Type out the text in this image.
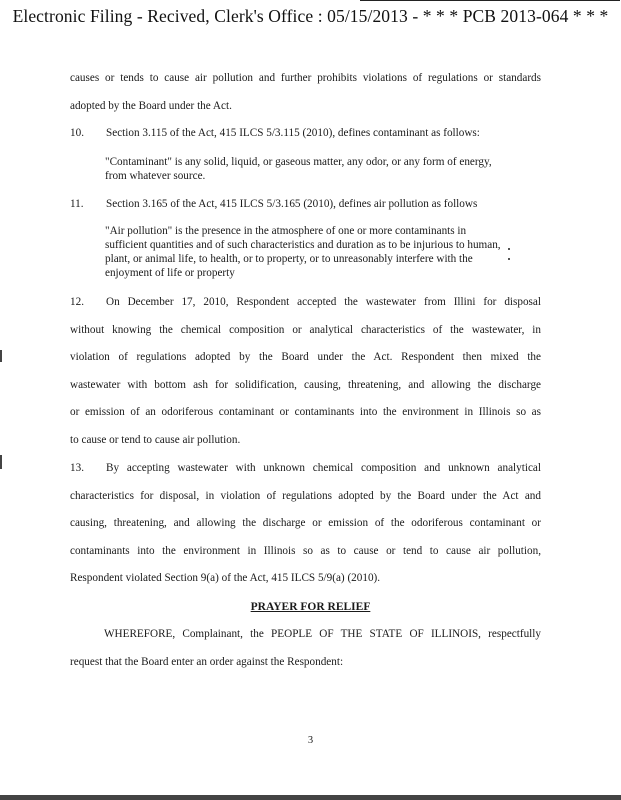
Electronic Filing - Recived, Clerk's Office : 05/15/2013 - * * * PCB 2013-064 * * *
causes or tends to cause air pollution and further prohibits violations of regulations or standards
adopted by the Board under the Act.
10. Section 3.115 of the Act, 415 ILCS 5/3.115 (2010), defines contaminant as follows:
"Contaminant" is any solid, liquid, or gaseous matter, any odor, or any form of energy, from whatever source.
11. Section 3.165 of the Act, 415 ILCS 5/3.165 (2010), defines air pollution as follows
"Air pollution" is the presence in the atmosphere of one or more contaminants in sufficient quantities and of such characteristics and duration as to be injurious to human, plant, or animal life, to health, or to property, or to unreasonably interfere with the enjoyment of life or property
12. On December 17, 2010, Respondent accepted the wastewater from Illini for disposal
without knowing the chemical composition or analytical characteristics of the wastewater, in
violation of regulations adopted by the Board under the Act. Respondent then mixed the
wastewater with bottom ash for solidification, causing, threatening, and allowing the discharge
or emission of an odoriferous contaminant or contaminants into the environment in Illinois so as
to cause or tend to cause air pollution.
13. By accepting wastewater with unknown chemical composition and unknown analytical
characteristics for disposal, in violation of regulations adopted by the Board under the Act and
causing, threatening, and allowing the discharge or emission of the odoriferous contaminant or
contaminants into the environment in Illinois so as to cause or tend to cause air pollution,
Respondent violated Section 9(a) of the Act, 415 ILCS 5/9(a) (2010).
PRAYER FOR RELIEF
WHEREFORE, Complainant, the PEOPLE OF THE STATE OF ILLINOIS, respectfully
request that the Board enter an order against the Respondent:
3
